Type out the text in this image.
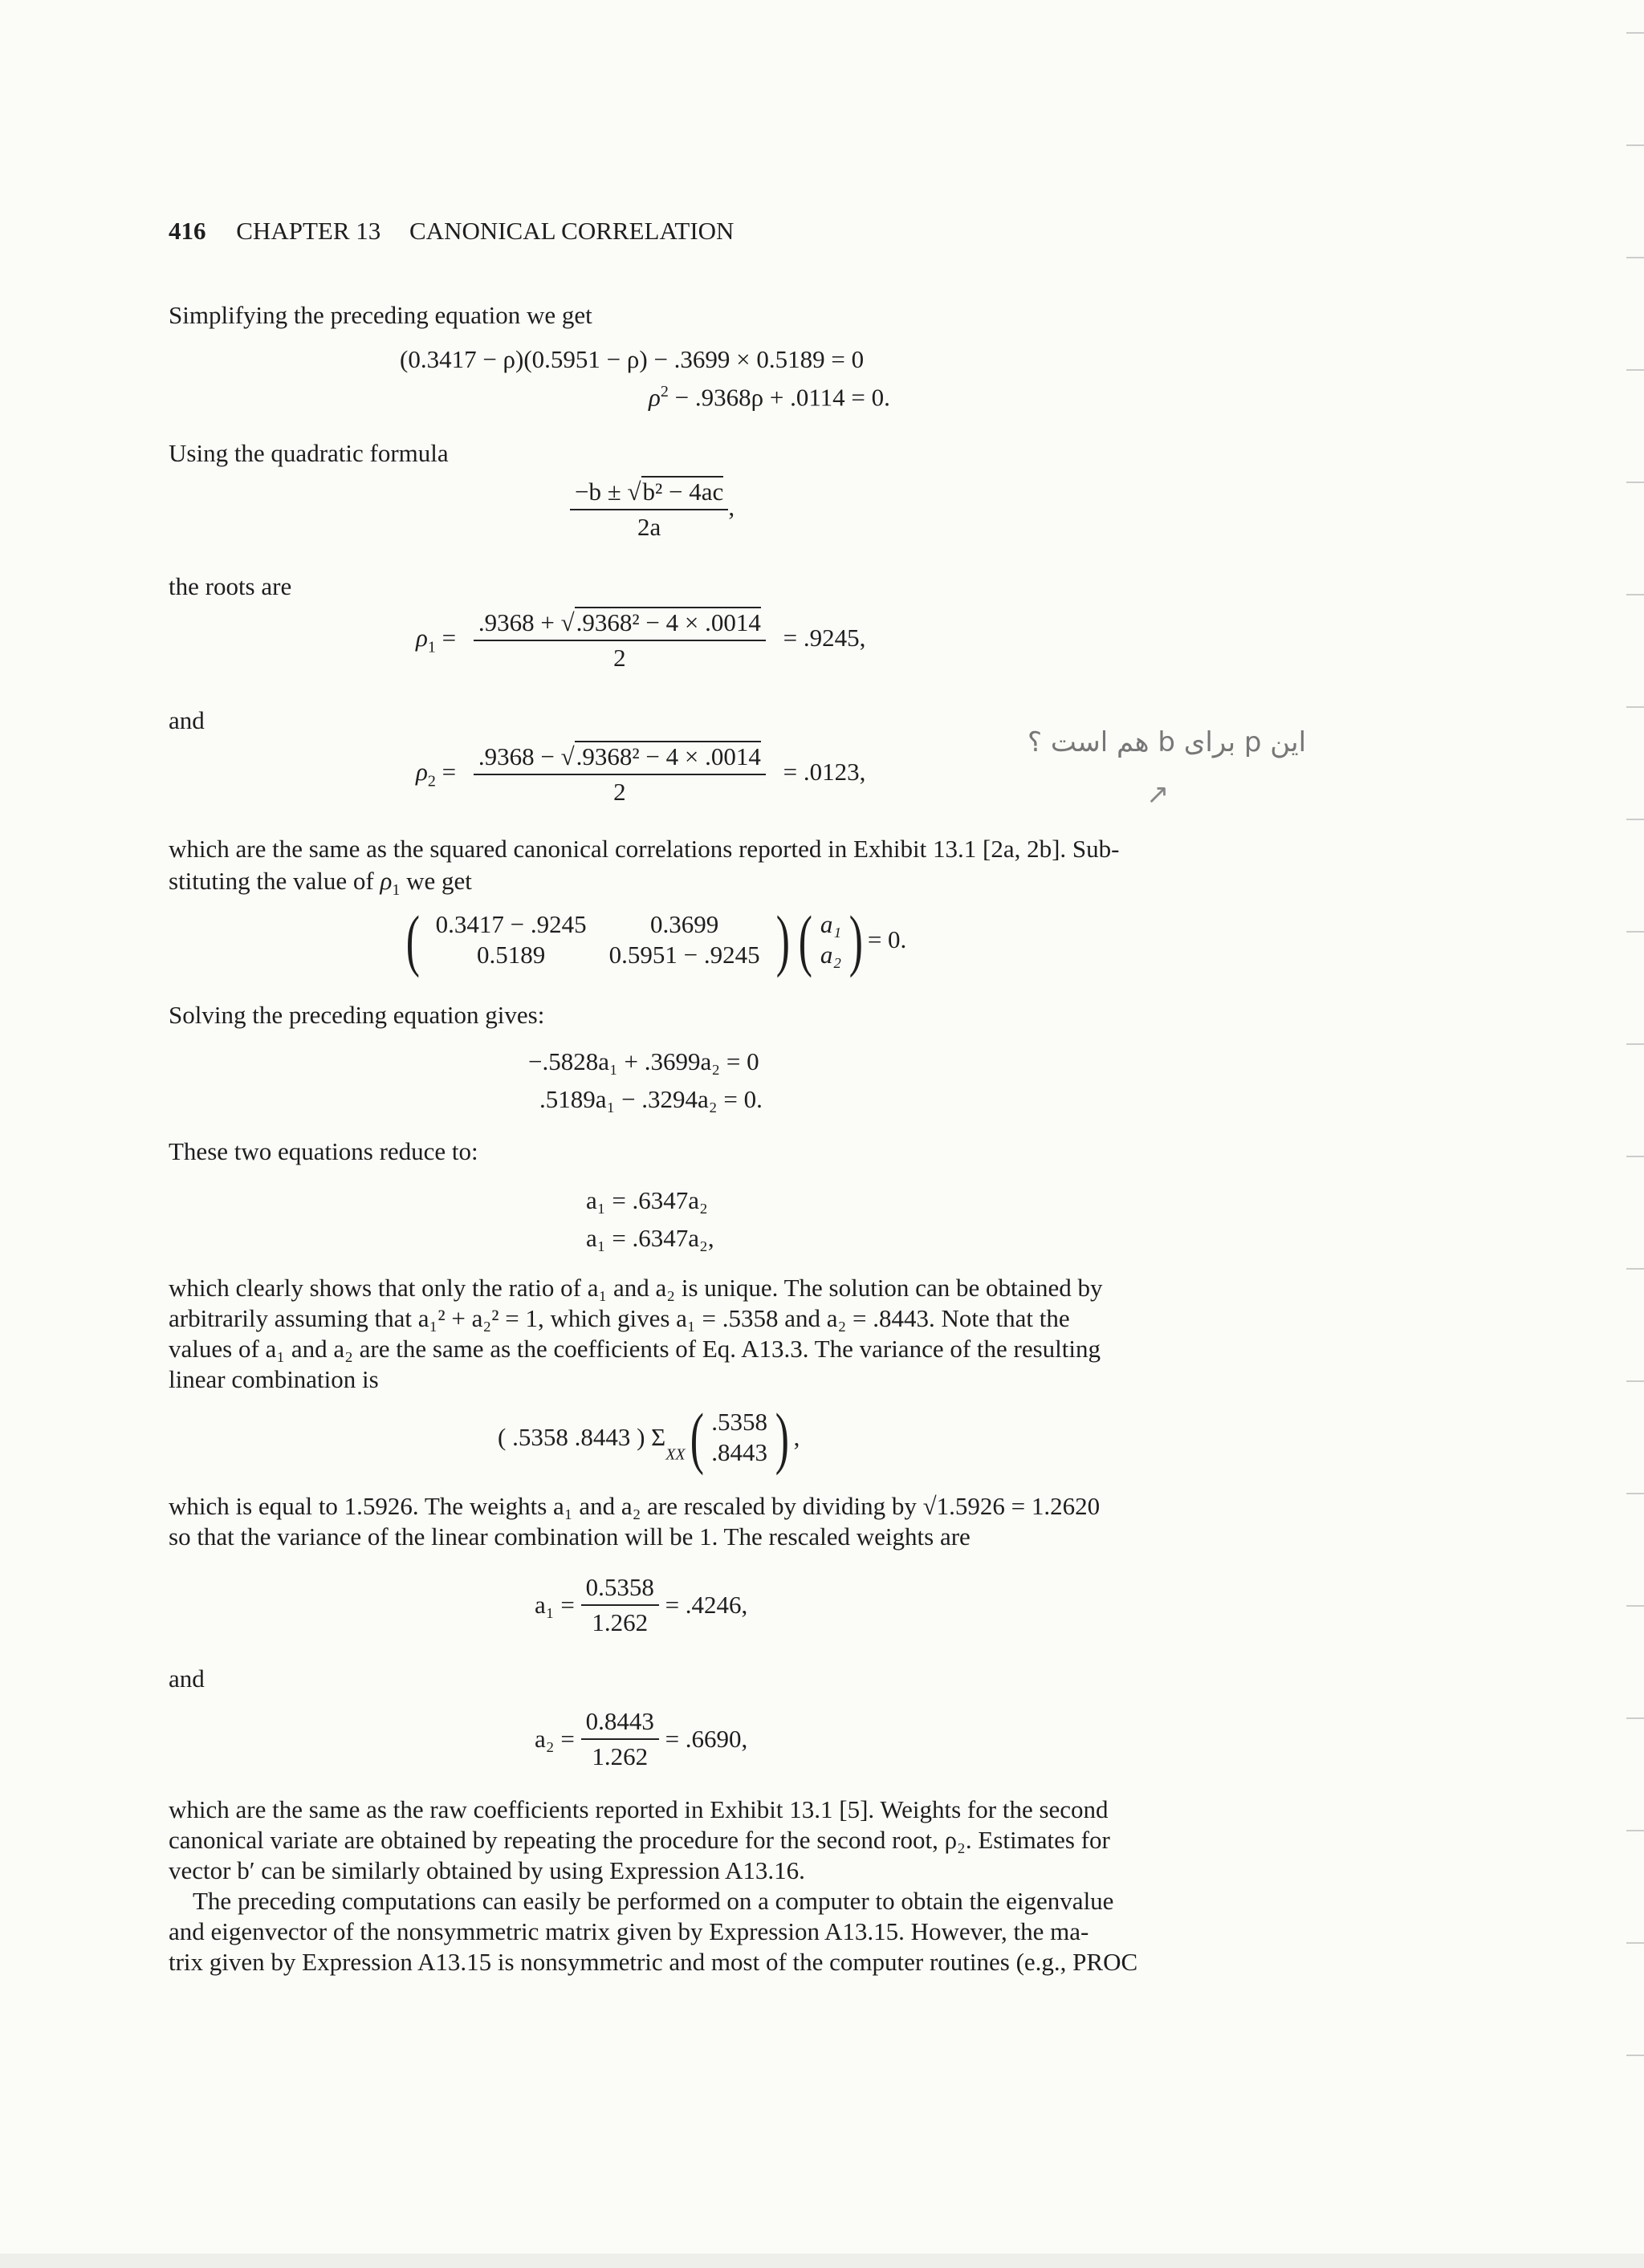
416 CHAPTER 13 CANONICAL CORRELATION
Simplifying the preceding equation we get
(0.3417 − ρ)(0.5951 − ρ) − .3699 × 0.5189 = 0
$\rho^2 - .9368\rho + .0114 = 0$.
Using the quadratic formula
$\frac{\text{−b ± √b² − 4ac}}{2a}$ ,
the roots are
$\rho_1 = \frac{\text{.9368 + √.9368² − 4 × .0014}}{2} = .9245$,
and
$\rho_2 = \frac{\text{.9368 − √.9368² − 4 × .0014}}{2} = .0123$,
این p برای b هم است ؟
↗
which are the same as the squared canonical correlations reported in Exhibit 13.1 [2a, 2b]. Sub-
stituting the value of $\rho_1$ we get
( 0.3417 − .9245	0.3699
0.5189	0.5951 − .9245 ) ( a₁
a₂ ) = 0.
Solving the preceding equation gives:
−.5828a₁ + .3699a₂ = 0
.5189a₁ − .3294a₂ = 0.
These two equations reduce to:
a₁ = .6347a₂
a₁ = .6347a₂,
which clearly shows that only the ratio of a₁ and a₂ is unique. The solution can be obtained by
arbitrarily assuming that a₁² + a₂² = 1, which gives a₁ = .5358 and a₂ = .8443. Note that the
values of a₁ and a₂ are the same as the coefficients of Eq. A13.3. The variance of the resulting
linear combination is
( .5358 .8443 ) $\Sigma_{XX}$( .5358
.8443 ) ,
which is equal to 1.5926. The weights a₁ and a₂ are rescaled by dividing by √1.5926 = 1.2620
so that the variance of the linear combination will be 1. The rescaled weights are
$a_1 = \frac{0.5358}{1.262} = .4246$,
and
$a_2 = \frac{0.8443}{1.262} = .6690$,
which are the same as the raw coefficients reported in Exhibit 13.1 [5]. Weights for the second
canonical variate are obtained by repeating the procedure for the second root, ρ₂. Estimates for
vector b′ can be similarly obtained by using Expression A13.16.
The preceding computations can easily be performed on a computer to obtain the eigenvalue
and eigenvector of the nonsymmetric matrix given by Expression A13.15. However, the ma-
trix given by Expression A13.15 is nonsymmetric and most of the computer routines (e.g., PROC
